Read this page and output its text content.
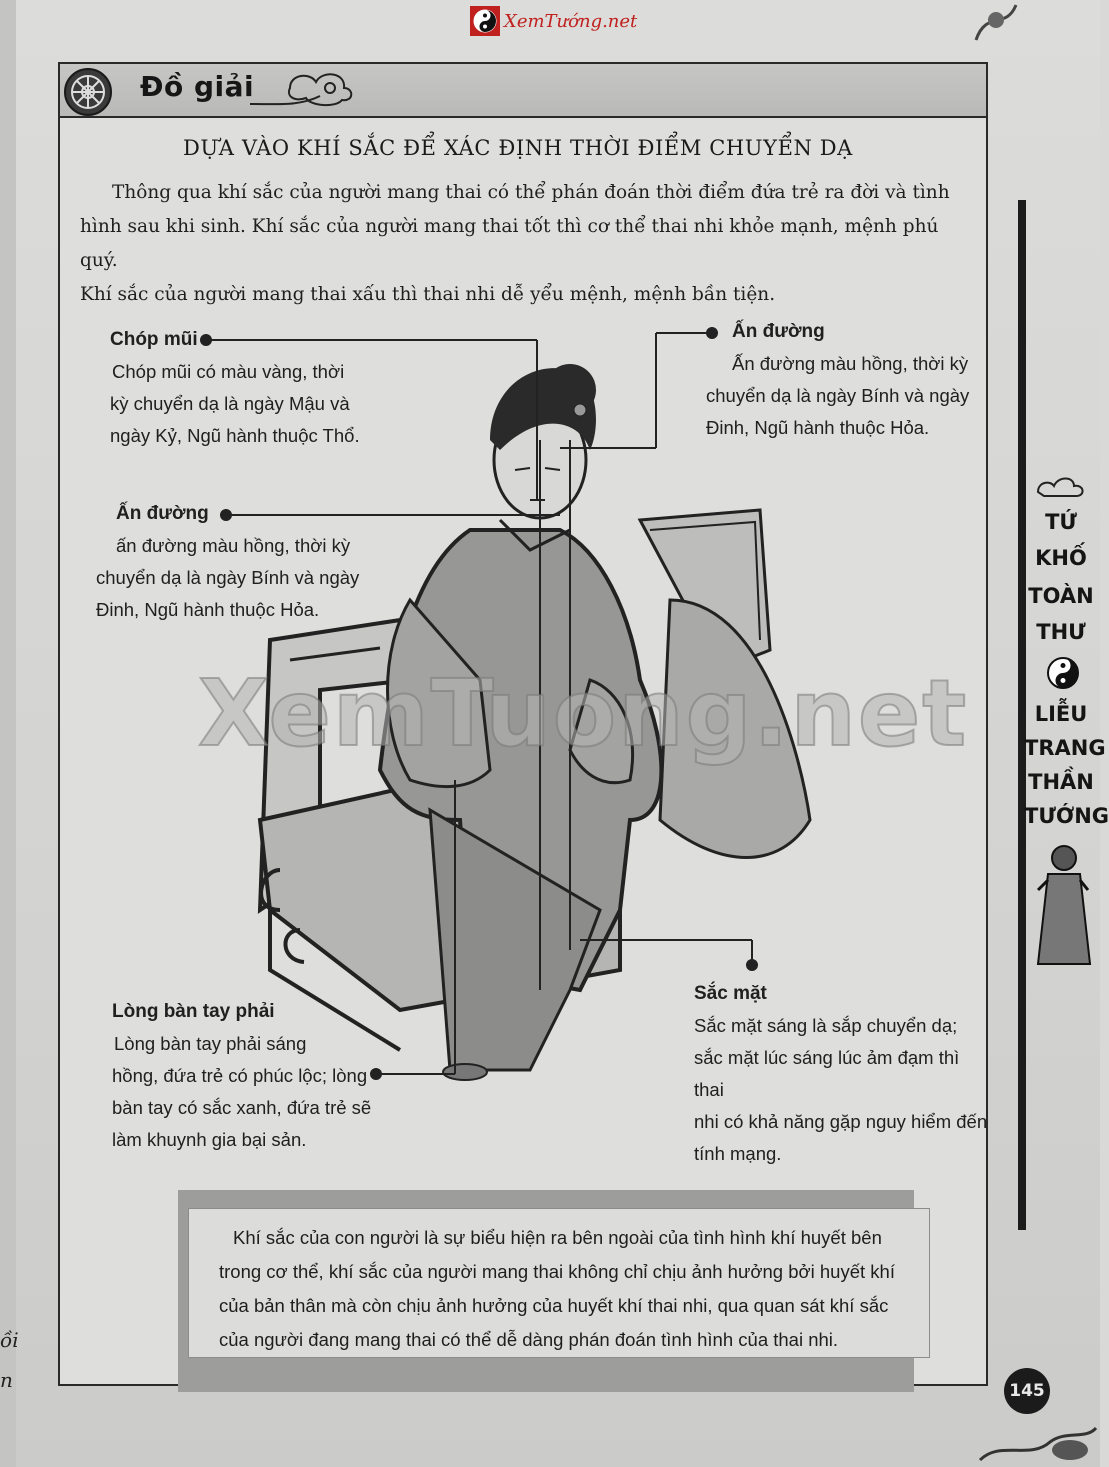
ồi
n
XemTướng.net
Đồ giải
DỰA VÀO KHÍ SẮC ĐỂ XÁC ĐỊNH THỜI ĐIỂM CHUYỂN DẠ
Thông qua khí sắc của người mang thai có thể phán đoán thời điểm đứa trẻ ra đời và tình
hình sau khi sinh. Khí sắc của người mang thai tốt thì cơ thể thai nhi khỏe mạnh, mệnh phú quý.
Khí sắc của người mang thai xấu thì thai nhi dễ yểu mệnh, mệnh bần tiện.
Chóp mũi
Chóp mũi có màu vàng, thời
kỳ chuyển dạ là ngày Mậu và
ngày Kỷ, Ngũ hành thuộc Thổ.
Ấn đường
Ấn đường màu hồng, thời kỳ
chuyển dạ là ngày Bính và ngày
Đinh, Ngũ hành thuộc Hỏa.
Ấn đường
ấn đường màu hồng, thời kỳ
chuyển dạ là ngày Bính và ngày
Đinh, Ngũ hành thuộc Hỏa.
Lòng bàn tay phải
Lòng bàn tay phải sáng
hồng, đứa trẻ có phúc lộc; lòng
bàn tay có sắc xanh, đứa trẻ sẽ
làm khuynh gia bại sản.
Sắc mặt
Sắc mặt sáng là sắp chuyển dạ;
sắc mặt lúc sáng lúc ảm đạm thì thai
nhi có khả năng gặp nguy hiểm đến
tính mạng.
XemTuong.net
Khí sắc của con người là sự biểu hiện ra bên ngoài của tình hình khí huyết bên
trong cơ thể, khí sắc của người mang thai không chỉ chịu ảnh hưởng bởi huyết khí
của bản thân mà còn chịu ảnh hưởng của huyết khí thai nhi, qua quan sát khí sắc
của người đang mang thai có thể dễ dàng phán đoán tình hình của thai nhi.
TỨ
KHỐ
TOÀN
THƯ
LIỄU
TRANG
THẦN
TƯỚNG
145
